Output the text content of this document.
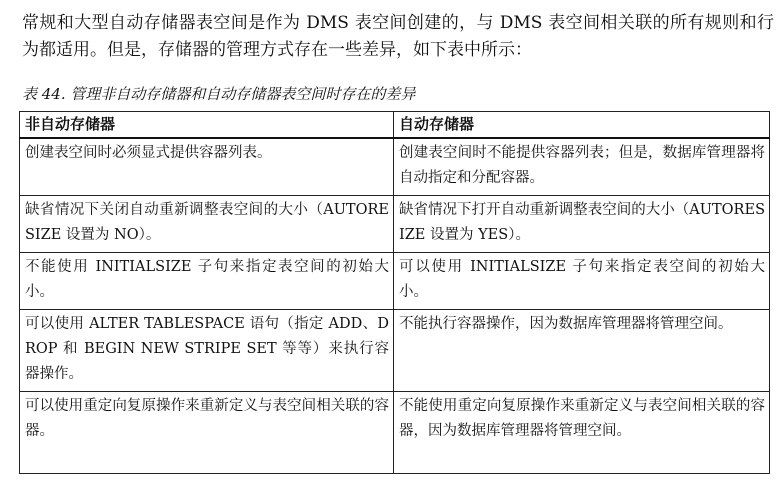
常规和大型自动存储器表空间是作为 DMS 表空间创建的，与 DMS 表空间相关联的所有规则和行为都适用。但是，存储器的管理方式存在一些差异，如下表中所示：

表 44. 管理非自动存储器和自动存储器表空间时存在的差异
非自动存储器	自动存储器
创建表空间时必须显式提供容器列表。	创建表空间时不能提供容器列表；但是，数据库管理器将自动指定和分配容器。
缺省情况下关闭自动重新调整表空间的大小（AUTORESIZE 设置为 NO）。	缺省情况下打开自动重新调整表空间的大小（AUTORESIZE 设置为 YES）。
不能使用 INITIALSIZE 子句来指定表空间的初始大小。	可以使用 INITIALSIZE 子句来指定表空间的初始大小。
可以使用 ALTER TABLESPACE 语句（指定 ADD、DROP 和 BEGIN NEW STRIPE SET 等等）来执行容器操作。	不能执行容器操作，因为数据库管理器将管理空间。
可以使用重定向复原操作来重新定义与表空间相关联的容器。	不能使用重定向复原操作来重新定义与表空间相关联的容器，因为数据库管理器将管理空间。
